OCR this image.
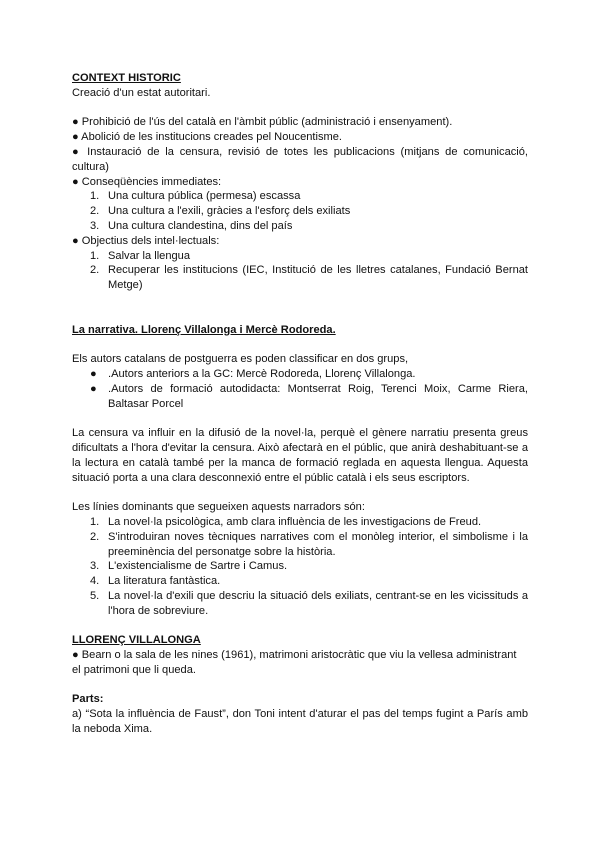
CONTEXT HISTORIC

Creació d'un estat autoritari.

● Prohibició de l'ús del català en l'àmbit públic (administració i ensenyament).

● Abolició de les institucions creades pel Noucentisme.

● Instauració de la censura, revisió de totes les publicacions (mitjans de comunicació, cultura)

● Conseqüències immediates:

1. Una cultura pública (permesa) escassa
2. Una cultura a l'exili, gràcies a l'esforç dels exiliats
3. Una cultura clandestina, dins del país

● Objectius dels intel·lectuals:

1. Salvar la llengua
2. Recuperar les institucions (IEC, Institució de les lletres catalanes, Fundació Bernat Metge)

La narrativa. Llorenç Villalonga i Mercè Rodoreda.

Els autors catalans de postguerra es poden classificar en dos grups,

● .Autors anteriors a la GC: Mercè Rodoreda, Llorenç Villalonga.
● .Autors de formació autodidacta: Montserrat Roig, Terenci Moix, Carme Riera, Baltasar Porcel

La censura va influir en la difusió de la novel·la, perquè el gènere narratiu presenta greus dificultats a l'hora d'evitar la censura. Això afectarà en el públic, que anirà deshabituant-se a la lectura en català també per la manca de formació reglada en aquesta llengua. Aquesta situació porta a una clara desconnexió entre el públic català i els seus escriptors.

Les línies dominants que segueixen aquests narradors són:

1. La novel·la psicològica, amb clara influència de les investigacions de Freud.
2. S'introduiran noves tècniques narratives com el monòleg interior, el simbolisme i la preeminència del personatge sobre la història.
3. L'existencialisme de Sartre i Camus.
4. La literatura fantàstica.
5. La novel·la d'exili que descriu la situació dels exiliats, centrant-se en les vicissituds a l'hora de sobreviure.

LLORENÇ VILLALONGA

● Bearn o la sala de les nines (1961), matrimoni aristocràtic que viu la vellesa administrant el patrimoni que li queda.

Parts:

a) “Sota la influència de Faust”, don Toni intent d'aturar el pas del temps fugint a París amb la neboda Xima.
